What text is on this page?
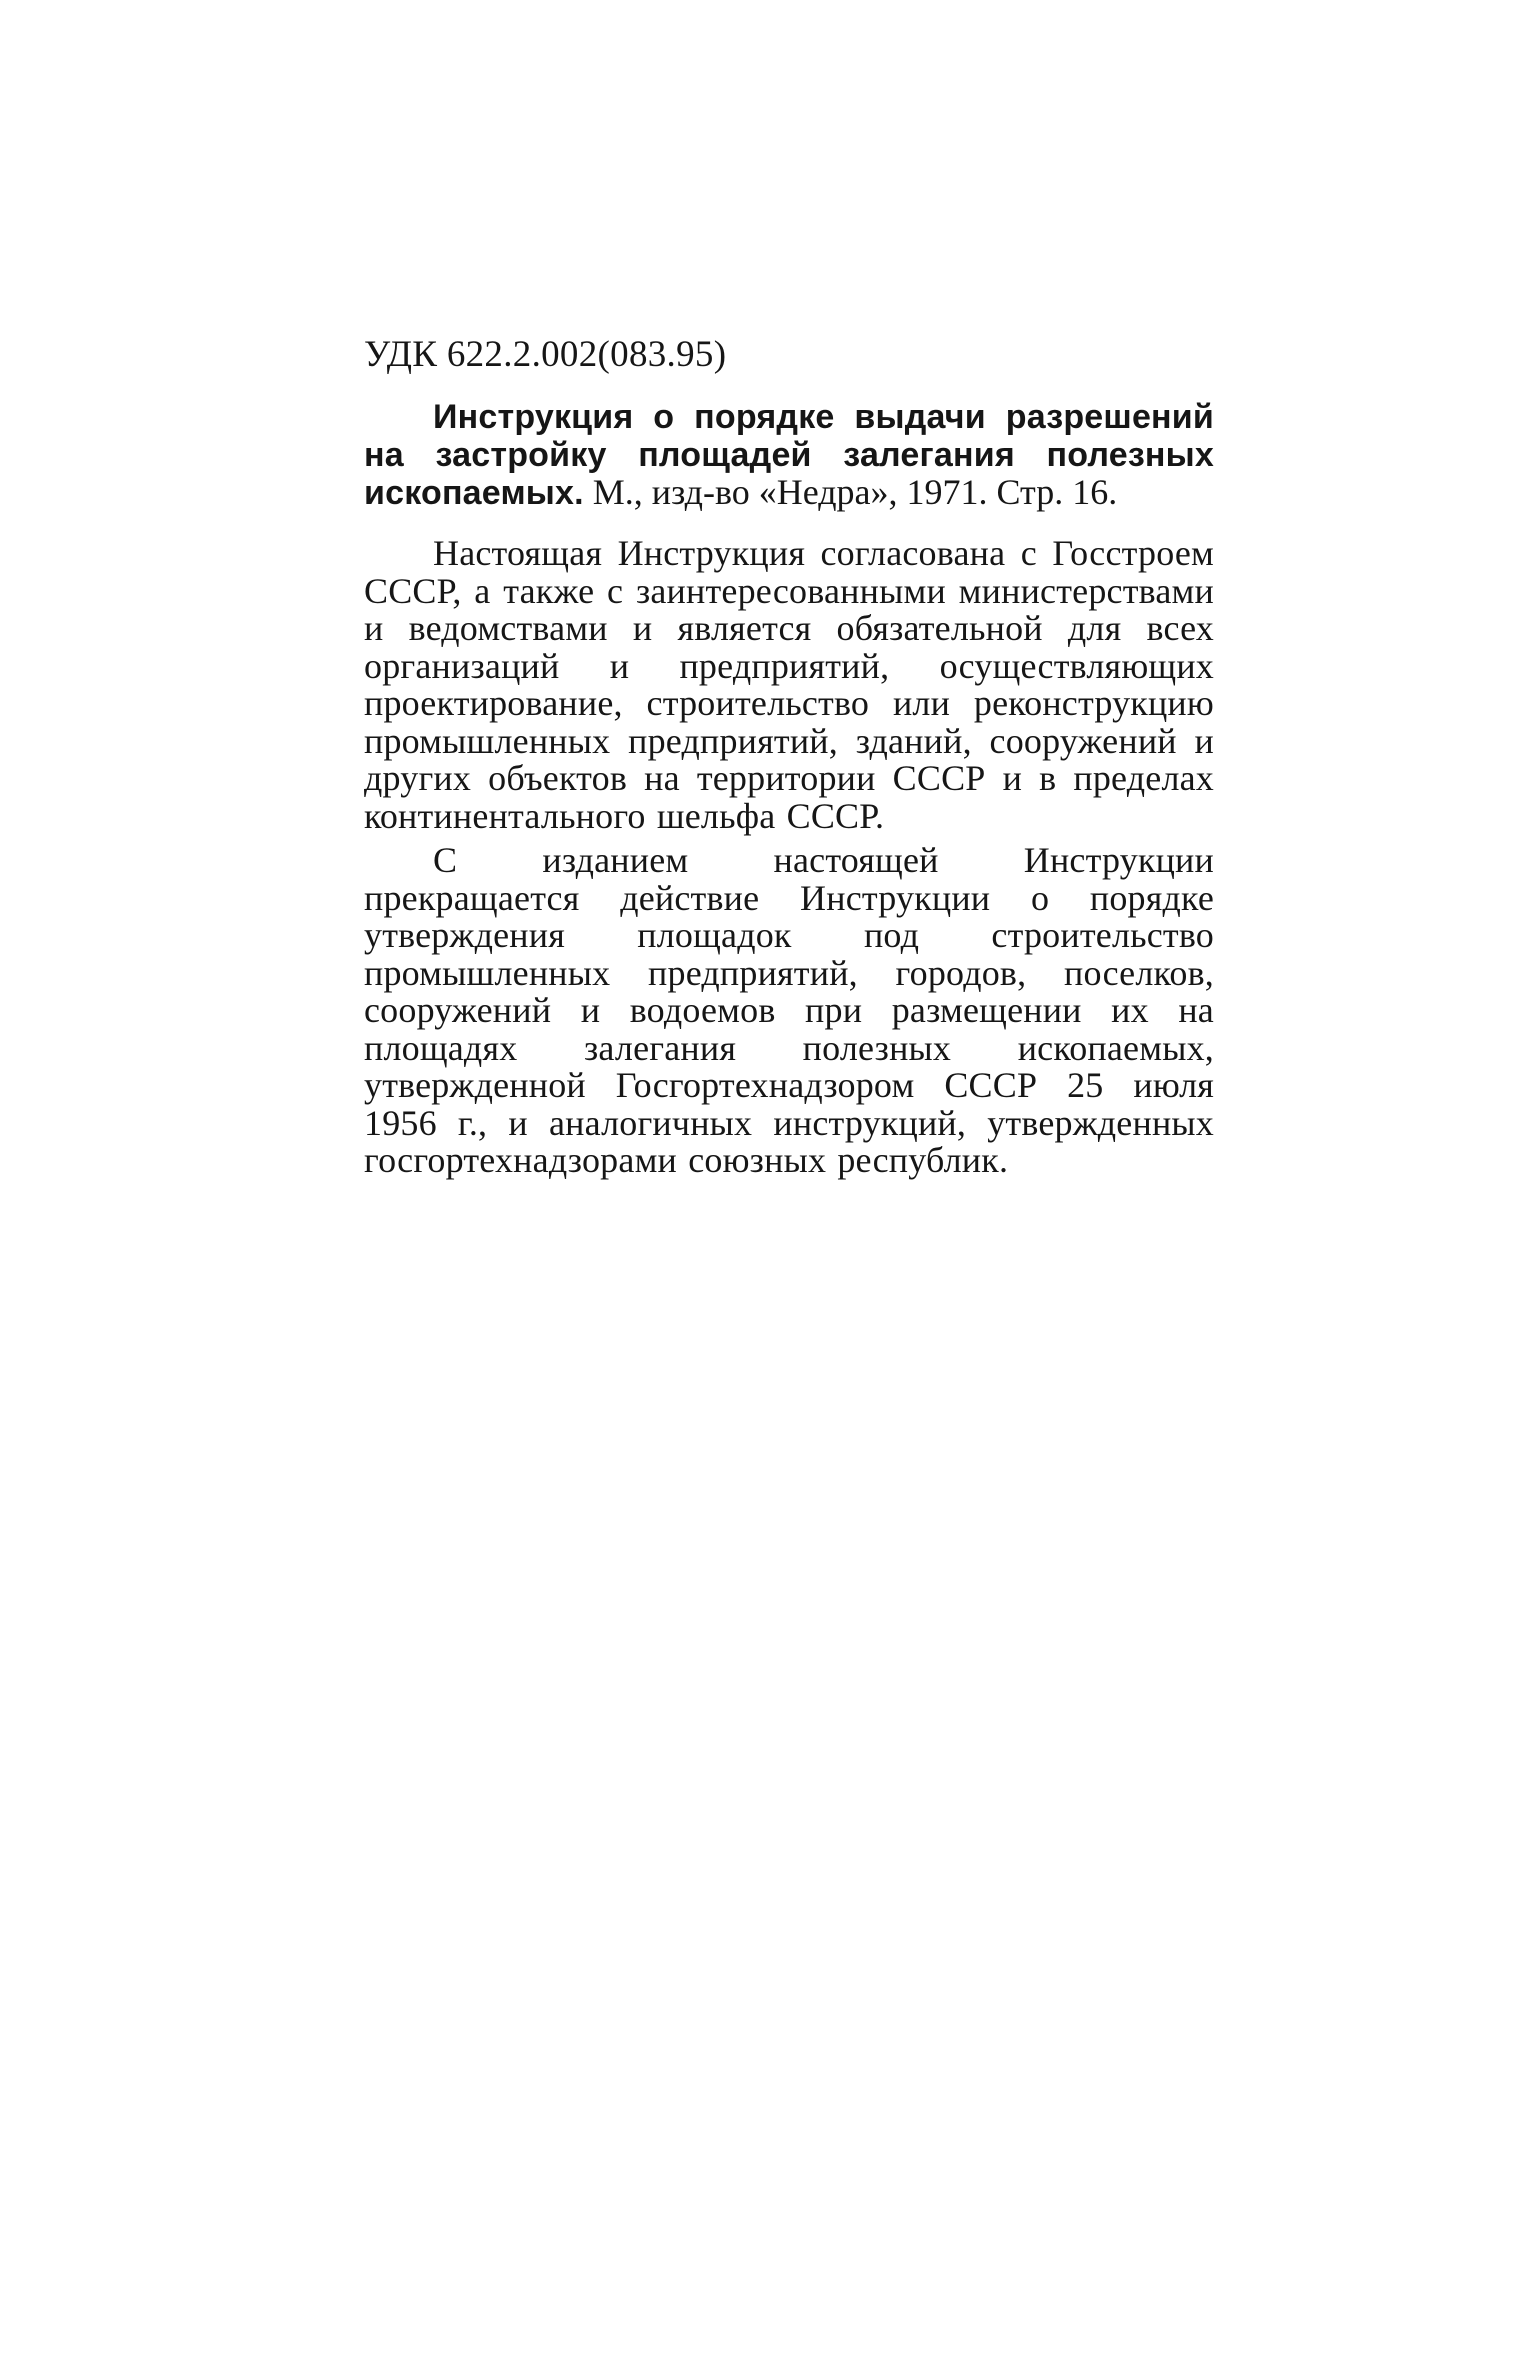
УДК 622.2.002(083.95)

Инструкция о порядке выдачи разрешений на застройку площадей залегания полезных ископаемых. М., изд-во «Недра», 1971. Стр. 16.

Настоящая Инструкция согласована с Госстроем СССР, а также с заинтересованными министерствами и ведомствами и является обязательной для всех организаций и предприятий, осуществляющих проектирование, строительство или реконструкцию промышленных предприятий, зданий, сооружений и других объектов на территории СССР и в пределах континентального шельфа СССР.

С изданием настоящей Инструкции прекращается действие Инструкции о порядке утверждения площадок под строительство промышленных предприятий, городов, поселков, сооружений и водоемов при размещении их на площадях залегания полезных ископаемых, утвержденной Госгортехнадзором СССР 25 июля 1956 г., и аналогичных инструкций, утвержденных госгортехнадзорами союзных республик.
